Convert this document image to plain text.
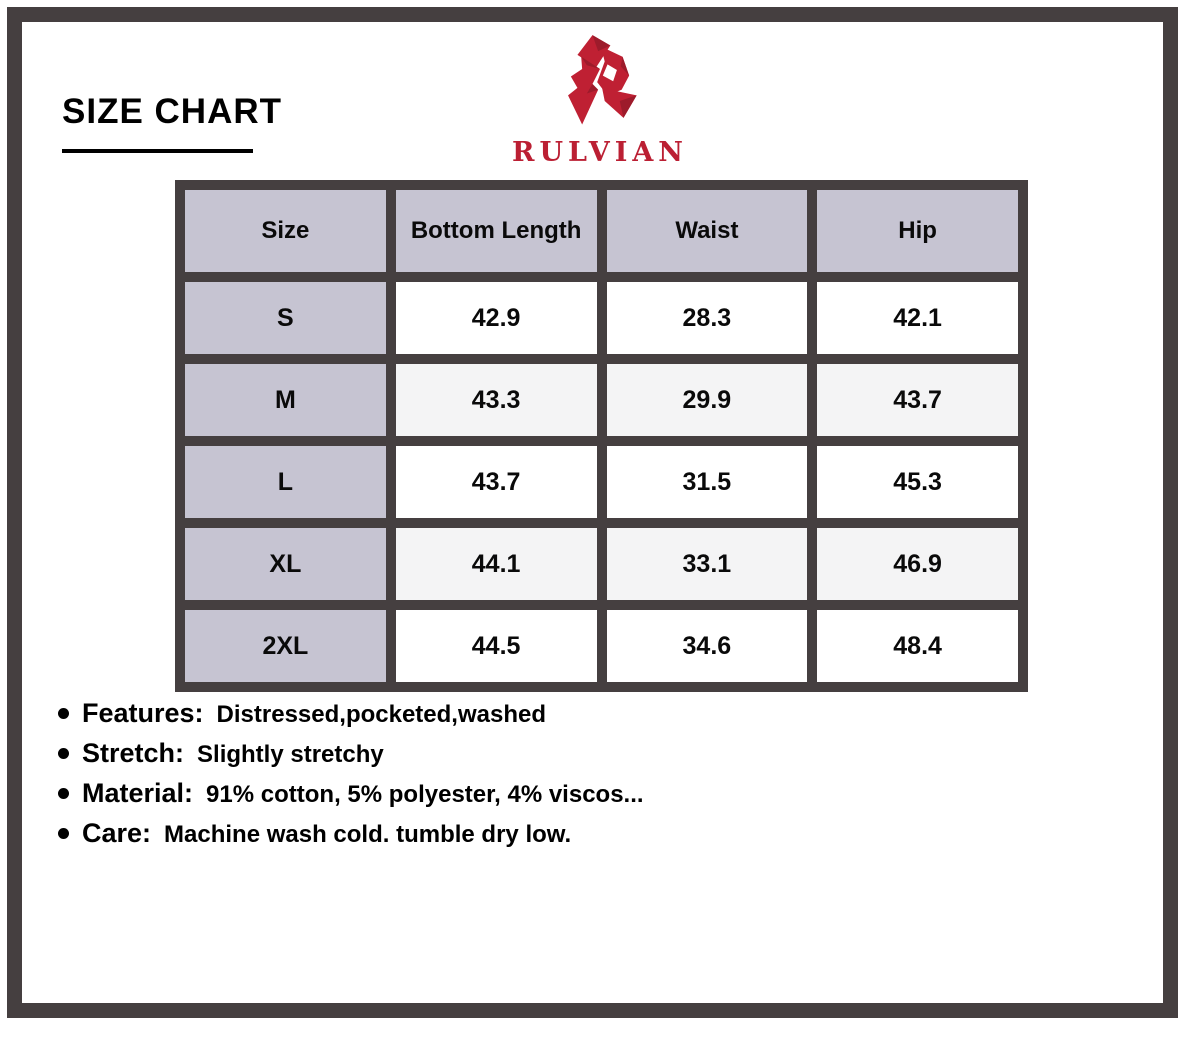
SIZE CHART
RULVIAN
Size	Bottom Length	Waist	Hip
S	42.9	28.3	42.1
M	43.3	29.9	43.7
L	43.7	31.5	45.3
XL	44.1	33.1	46.9
2XL	44.5	34.6	48.4
Features: Distressed,pocketed,washed
Stretch: Slightly stretchy
Material: 91% cotton, 5% polyester, 4% viscos...
Care: Machine wash cold. tumble dry low.
